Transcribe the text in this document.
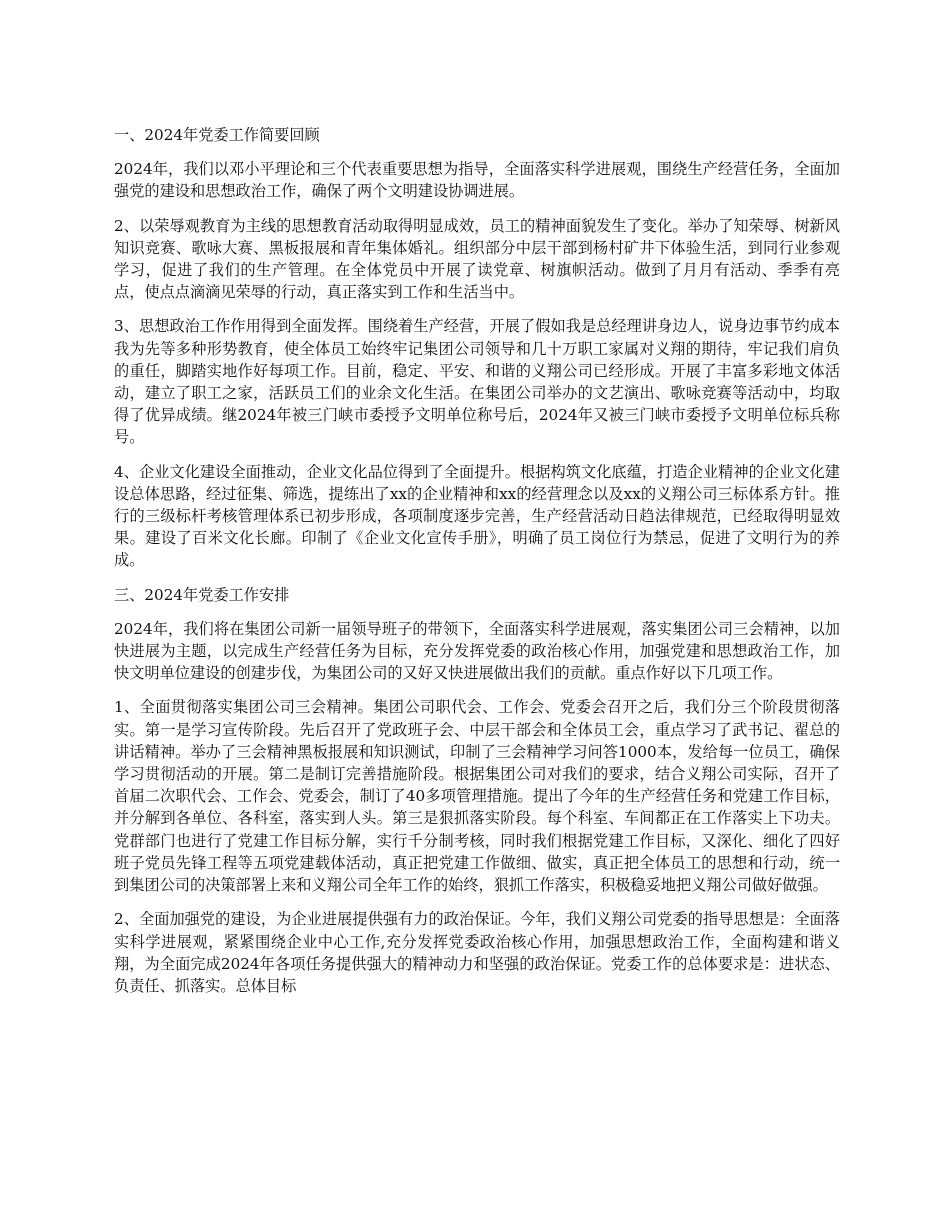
一、2024年党委工作简要回顾

2024年，我们以邓小平理论和三个代表重要思想为指导，全面落实科学进展观，围绕生产经营任务，全面加强党的建设和思想政治工作，确保了两个文明建设协调进展。

2、以荣辱观教育为主线的思想教育活动取得明显成效，员工的精神面貌发生了变化。举办了知荣辱、树新风知识竞赛、歌咏大赛、黑板报展和青年集体婚礼。组织部分中层干部到杨村矿井下体验生活，到同行业参观学习，促进了我们的生产管理。在全体党员中开展了读党章、树旗帜活动。做到了月月有活动、季季有亮点，使点点滴滴见荣辱的行动，真正落实到工作和生活当中。

3、思想政治工作作用得到全面发挥。围绕着生产经营，开展了假如我是总经理讲身边人，说身边事节约成本我为先等多种形势教育，使全体员工始终牢记集团公司领导和几十万职工家属对义翔的期待，牢记我们肩负的重任，脚踏实地作好每项工作。目前，稳定、平安、和谐的义翔公司已经形成。开展了丰富多彩地文体活动，建立了职工之家，活跃员工们的业余文化生活。在集团公司举办的文艺演出、歌咏竞赛等活动中，均取得了优异成绩。继2024年被三门峡市委授予文明单位称号后，2024年又被三门峡市委授予文明单位标兵称号。

4、企业文化建设全面推动，企业文化品位得到了全面提升。根据构筑文化底蕴，打造企业精神的企业文化建设总体思路，经过征集、筛选，提练出了xx的企业精神和xx的经营理念以及xx的义翔公司三标体系方针。推行的三级标杆考核管理体系已初步形成，各项制度逐步完善，生产经营活动日趋法律规范，已经取得明显效果。建设了百米文化长廊。印制了《企业文化宣传手册》，明确了员工岗位行为禁忌，促进了文明行为的养成。

三、2024年党委工作安排

2024年，我们将在集团公司新一届领导班子的带领下，全面落实科学进展观，落实集团公司三会精神，以加快进展为主题，以完成生产经营任务为目标，充分发挥党委的政治核心作用，加强党建和思想政治工作，加快文明单位建设的创建步伐，为集团公司的又好又快进展做出我们的贡献。重点作好以下几项工作。

1、全面贯彻落实集团公司三会精神。集团公司职代会、工作会、党委会召开之后，我们分三个阶段贯彻落实。第一是学习宣传阶段。先后召开了党政班子会、中层干部会和全体员工会，重点学习了武书记、翟总的讲话精神。举办了三会精神黑板报展和知识测试，印制了三会精神学习问答1000本，发给每一位员工，确保学习贯彻活动的开展。第二是制订完善措施阶段。根据集团公司对我们的要求，结合义翔公司实际，召开了首届二次职代会、工作会、党委会，制订了40多项管理措施。提出了今年的生产经营任务和党建工作目标，并分解到各单位、各科室，落实到人头。第三是狠抓落实阶段。每个科室、车间都正在工作落实上下功夫。党群部门也进行了党建工作目标分解，实行千分制考核，同时我们根据党建工作目标，又深化、细化了四好班子党员先锋工程等五项党建载体活动，真正把党建工作做细、做实，真正把全体员工的思想和行动，统一到集团公司的决策部署上来和义翔公司全年工作的始终，狠抓工作落实，积极稳妥地把义翔公司做好做强。

2、全面加强党的建设，为企业进展提供强有力的政治保证。今年，我们义翔公司党委的指导思想是：全面落实科学进展观，紧紧围绕企业中心工作,充分发挥党委政治核心作用，加强思想政治工作，全面构建和谐义翔，为全面完成2024年各项任务提供强大的精神动力和坚强的政治保证。党委工作的总体要求是：进状态、负责任、抓落实。总体目标
